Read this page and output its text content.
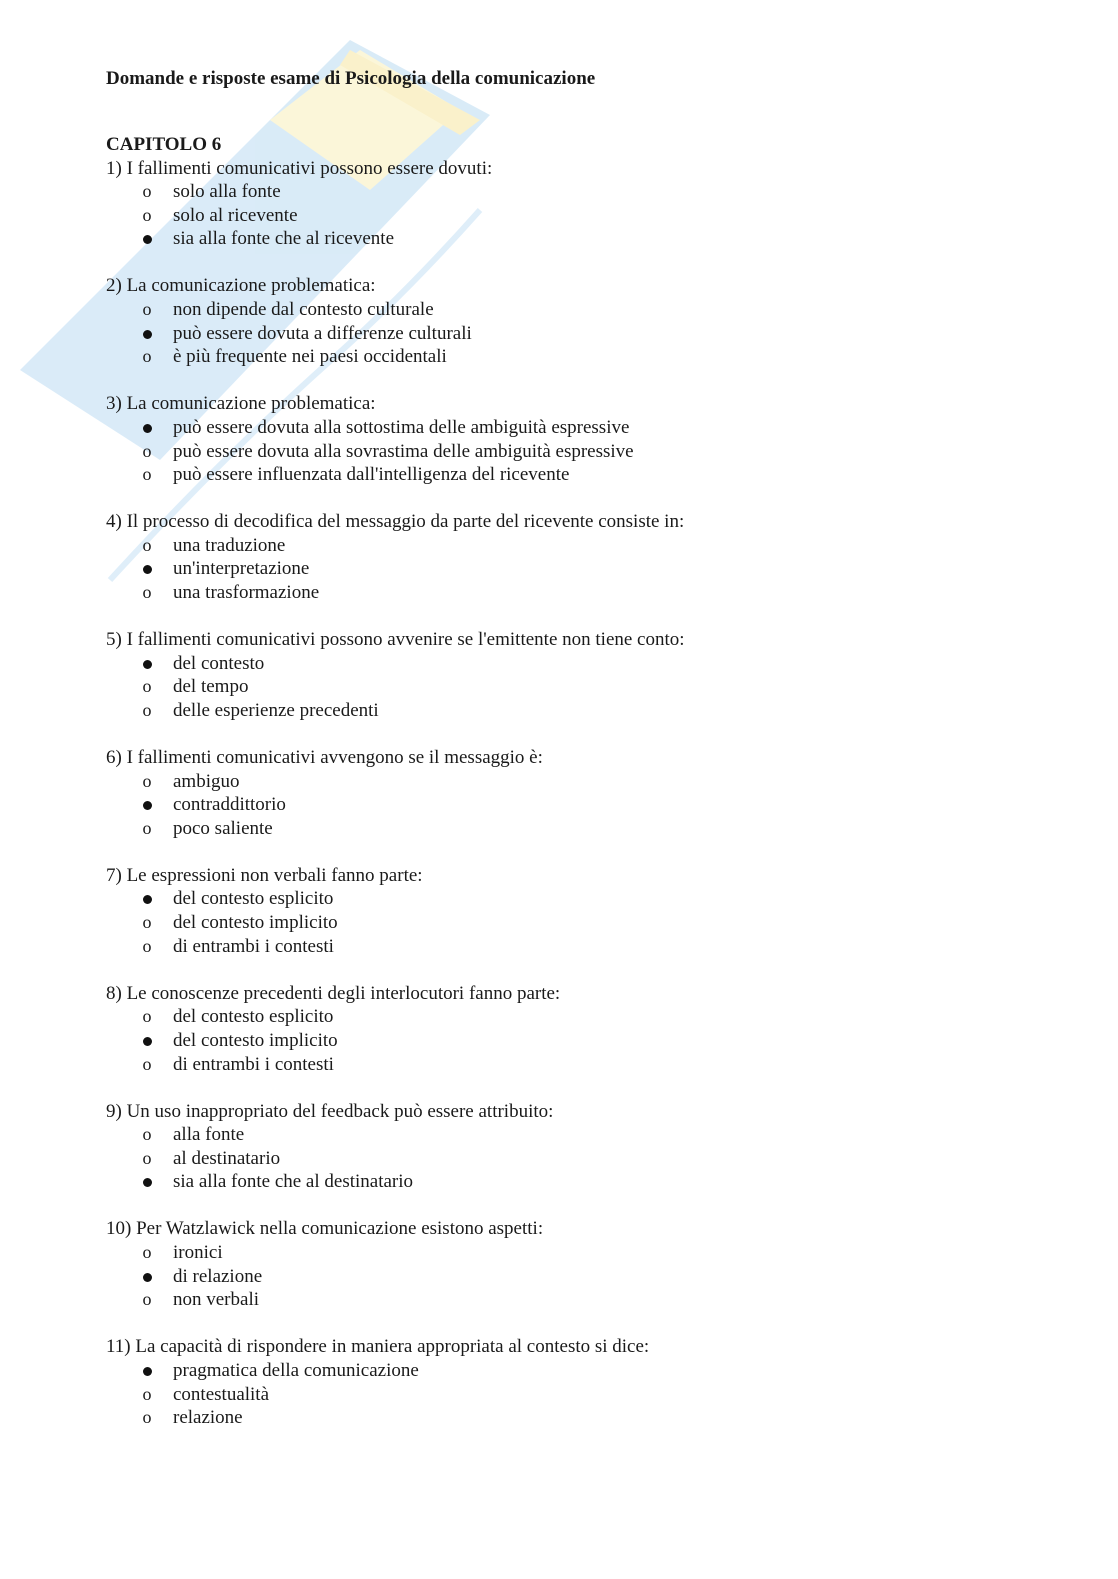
Domande e risposte esame di Psicologia della comunicazione
CAPITOLO 6
1) I fallimenti comunicativi possono essere dovuti:
o solo alla fonte
o solo al ricevente
sia alla fonte che al ricevente
2) La comunicazione problematica:
o non dipende dal contesto culturale
può essere dovuta a differenze culturali
o è più frequente nei paesi occidentali
3) La comunicazione problematica:
può essere dovuta alla sottostima delle ambiguità espressive
o può essere dovuta alla sovrastima delle ambiguità espressive
o può essere influenzata dall'intelligenza del ricevente
4) Il processo di decodifica del messaggio da parte del ricevente consiste in:
o una traduzione
un'interpretazione
o una trasformazione
5) I fallimenti comunicativi possono avvenire se l'emittente non tiene conto:
del contesto
o del tempo
o delle esperienze precedenti
6) I fallimenti comunicativi avvengono se il messaggio è:
o ambiguo
contraddittorio
o poco saliente
7) Le espressioni non verbali fanno parte:
del contesto esplicito
o del contesto implicito
o di entrambi i contesti
8) Le conoscenze precedenti degli interlocutori fanno parte:
o del contesto esplicito
del contesto implicito
o di entrambi i contesti
9) Un uso inappropriato del feedback può essere attribuito:
o alla fonte
o al destinatario
sia alla fonte che al destinatario
10) Per Watzlawick nella comunicazione esistono aspetti:
o ironici
di relazione
o non verbali
11) La capacità di rispondere in maniera appropriata al contesto si dice:
pragmatica della comunicazione
o contestualità
o relazione
